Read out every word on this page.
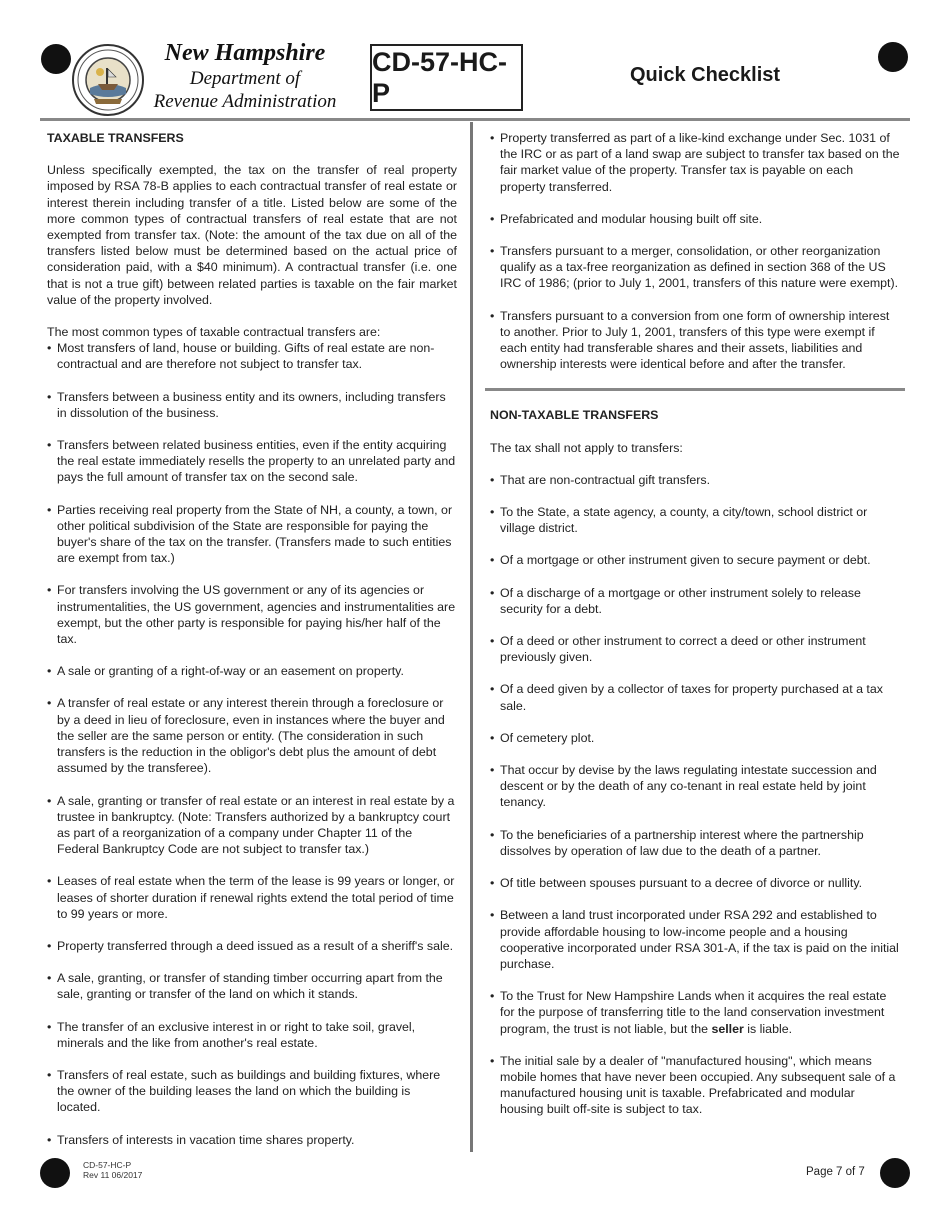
New Hampshire
Department of
Revenue Administration
CD-57-HC-P
Quick Checklist
TAXABLE TRANSFERS
Unless specifically exempted, the tax on the transfer of real property imposed by RSA 78-B applies to each contractual transfer of real estate or interest therein including transfer of a title. Listed below are some of the more common types of contractual transfers of real estate that are not exempted from transfer tax. (Note: the amount of the tax due on all of the transfers listed below must be determined based on the actual price of consideration paid, with a $40 minimum). A contractual transfer (i.e. one that is not a true gift) between related parties is taxable on the fair market value of the property involved.
The most common types of taxable contractual transfers are:
• Most transfers of land, house or building. Gifts of real estate are non-contractual and are therefore not subject to transfer tax.
• Transfers between a business entity and its owners, including transfers in dissolution of the business.
• Transfers between related business entities, even if the entity acquiring the real estate immediately resells the property to an unrelated party and pays the full amount of transfer tax on the second sale.
• Parties receiving real property from the State of NH, a county, a town, or other political subdivision of the State are responsible for paying the buyer's share of the tax on the transfer. (Transfers made to such entities are exempt from tax.)
• For transfers involving the US government or any of its agencies or instrumentalities, the US government, agencies and instrumentalities are exempt, but the other party is responsible for paying his/her half of the tax.
• A sale or granting of a right-of-way or an easement on property.
• A transfer of real estate or any interest therein through a foreclosure or by a deed in lieu of foreclosure, even in instances where the buyer and the seller are the same person or entity. (The consideration in such transfers is the reduction in the obligor's debt plus the amount of debt assumed by the transferee).
• A sale, granting or transfer of real estate or an interest in real estate by a trustee in bankruptcy. (Note: Transfers authorized by a bankruptcy court as part of a reorganization of a company under Chapter 11 of the Federal Bankruptcy Code are not subject to transfer tax.)
• Leases of real estate when the term of the lease is 99 years or longer, or leases of shorter duration if renewal rights extend the total period of time to 99 years or more.
• Property transferred through a deed issued as a result of a sheriff's sale.
• A sale, granting, or transfer of standing timber occurring apart from the sale, granting or transfer of the land on which it stands.
• The transfer of an exclusive interest in or right to take soil, gravel, minerals and the like from another's real estate.
• Transfers of real estate, such as buildings and building fixtures, where the owner of the building leases the land on which the building is located.
• Transfers of interests in vacation time shares property.
• Property transferred as part of a like-kind exchange under Sec. 1031 of the IRC or as part of a land swap are subject to transfer tax based on the fair market value of the property. Transfer tax is payable on each property transferred.
• Prefabricated and modular housing built off site.
• Transfers pursuant to a merger, consolidation, or other reorganization qualify as a tax-free reorganization as defined in section 368 of the US IRC of 1986; (prior to July 1, 2001, transfers of this nature were exempt).
• Transfers pursuant to a conversion from one form of ownership interest to another. Prior to July 1, 2001, transfers of this type were exempt if each entity had transferable shares and their assets, liabilities and ownership interests were identical before and after the transfer.
NON-TAXABLE TRANSFERS
The tax shall not apply to transfers:
• That are non-contractual gift transfers.
• To the State, a state agency, a county, a city/town, school district or village district.
• Of a mortgage or other instrument given to secure payment or debt.
• Of a discharge of a mortgage or other instrument solely to release security for a debt.
• Of a deed or other instrument to correct a deed or other instrument previously given.
• Of a deed given by a collector of taxes for property purchased at a tax sale.
• Of cemetery plot.
• That occur by devise by the laws regulating intestate succession and descent or by the death of any co-tenant in real estate held by joint tenancy.
• To the beneficiaries of a partnership interest where the partnership dissolves by operation of law due to the death of a partner.
• Of title between spouses pursuant to a decree of divorce or nullity.
• Between a land trust incorporated under RSA 292 and established to provide affordable housing to low-income people and a housing cooperative incorporated under RSA 301-A, if the tax is paid on the initial purchase.
• To the Trust for New Hampshire Lands when it acquires the real estate for the purpose of transferring title to the land conservation investment program, the trust is not liable, but the seller is liable.
• The initial sale by a dealer of "manufactured housing", which means mobile homes that have never been occupied. Any subsequent sale of a manufactured housing unit is taxable. Prefabricated and modular housing built off-site is subject to tax.
CD-57-HC-P
Rev 11 06/2017	Page 7 of 7
